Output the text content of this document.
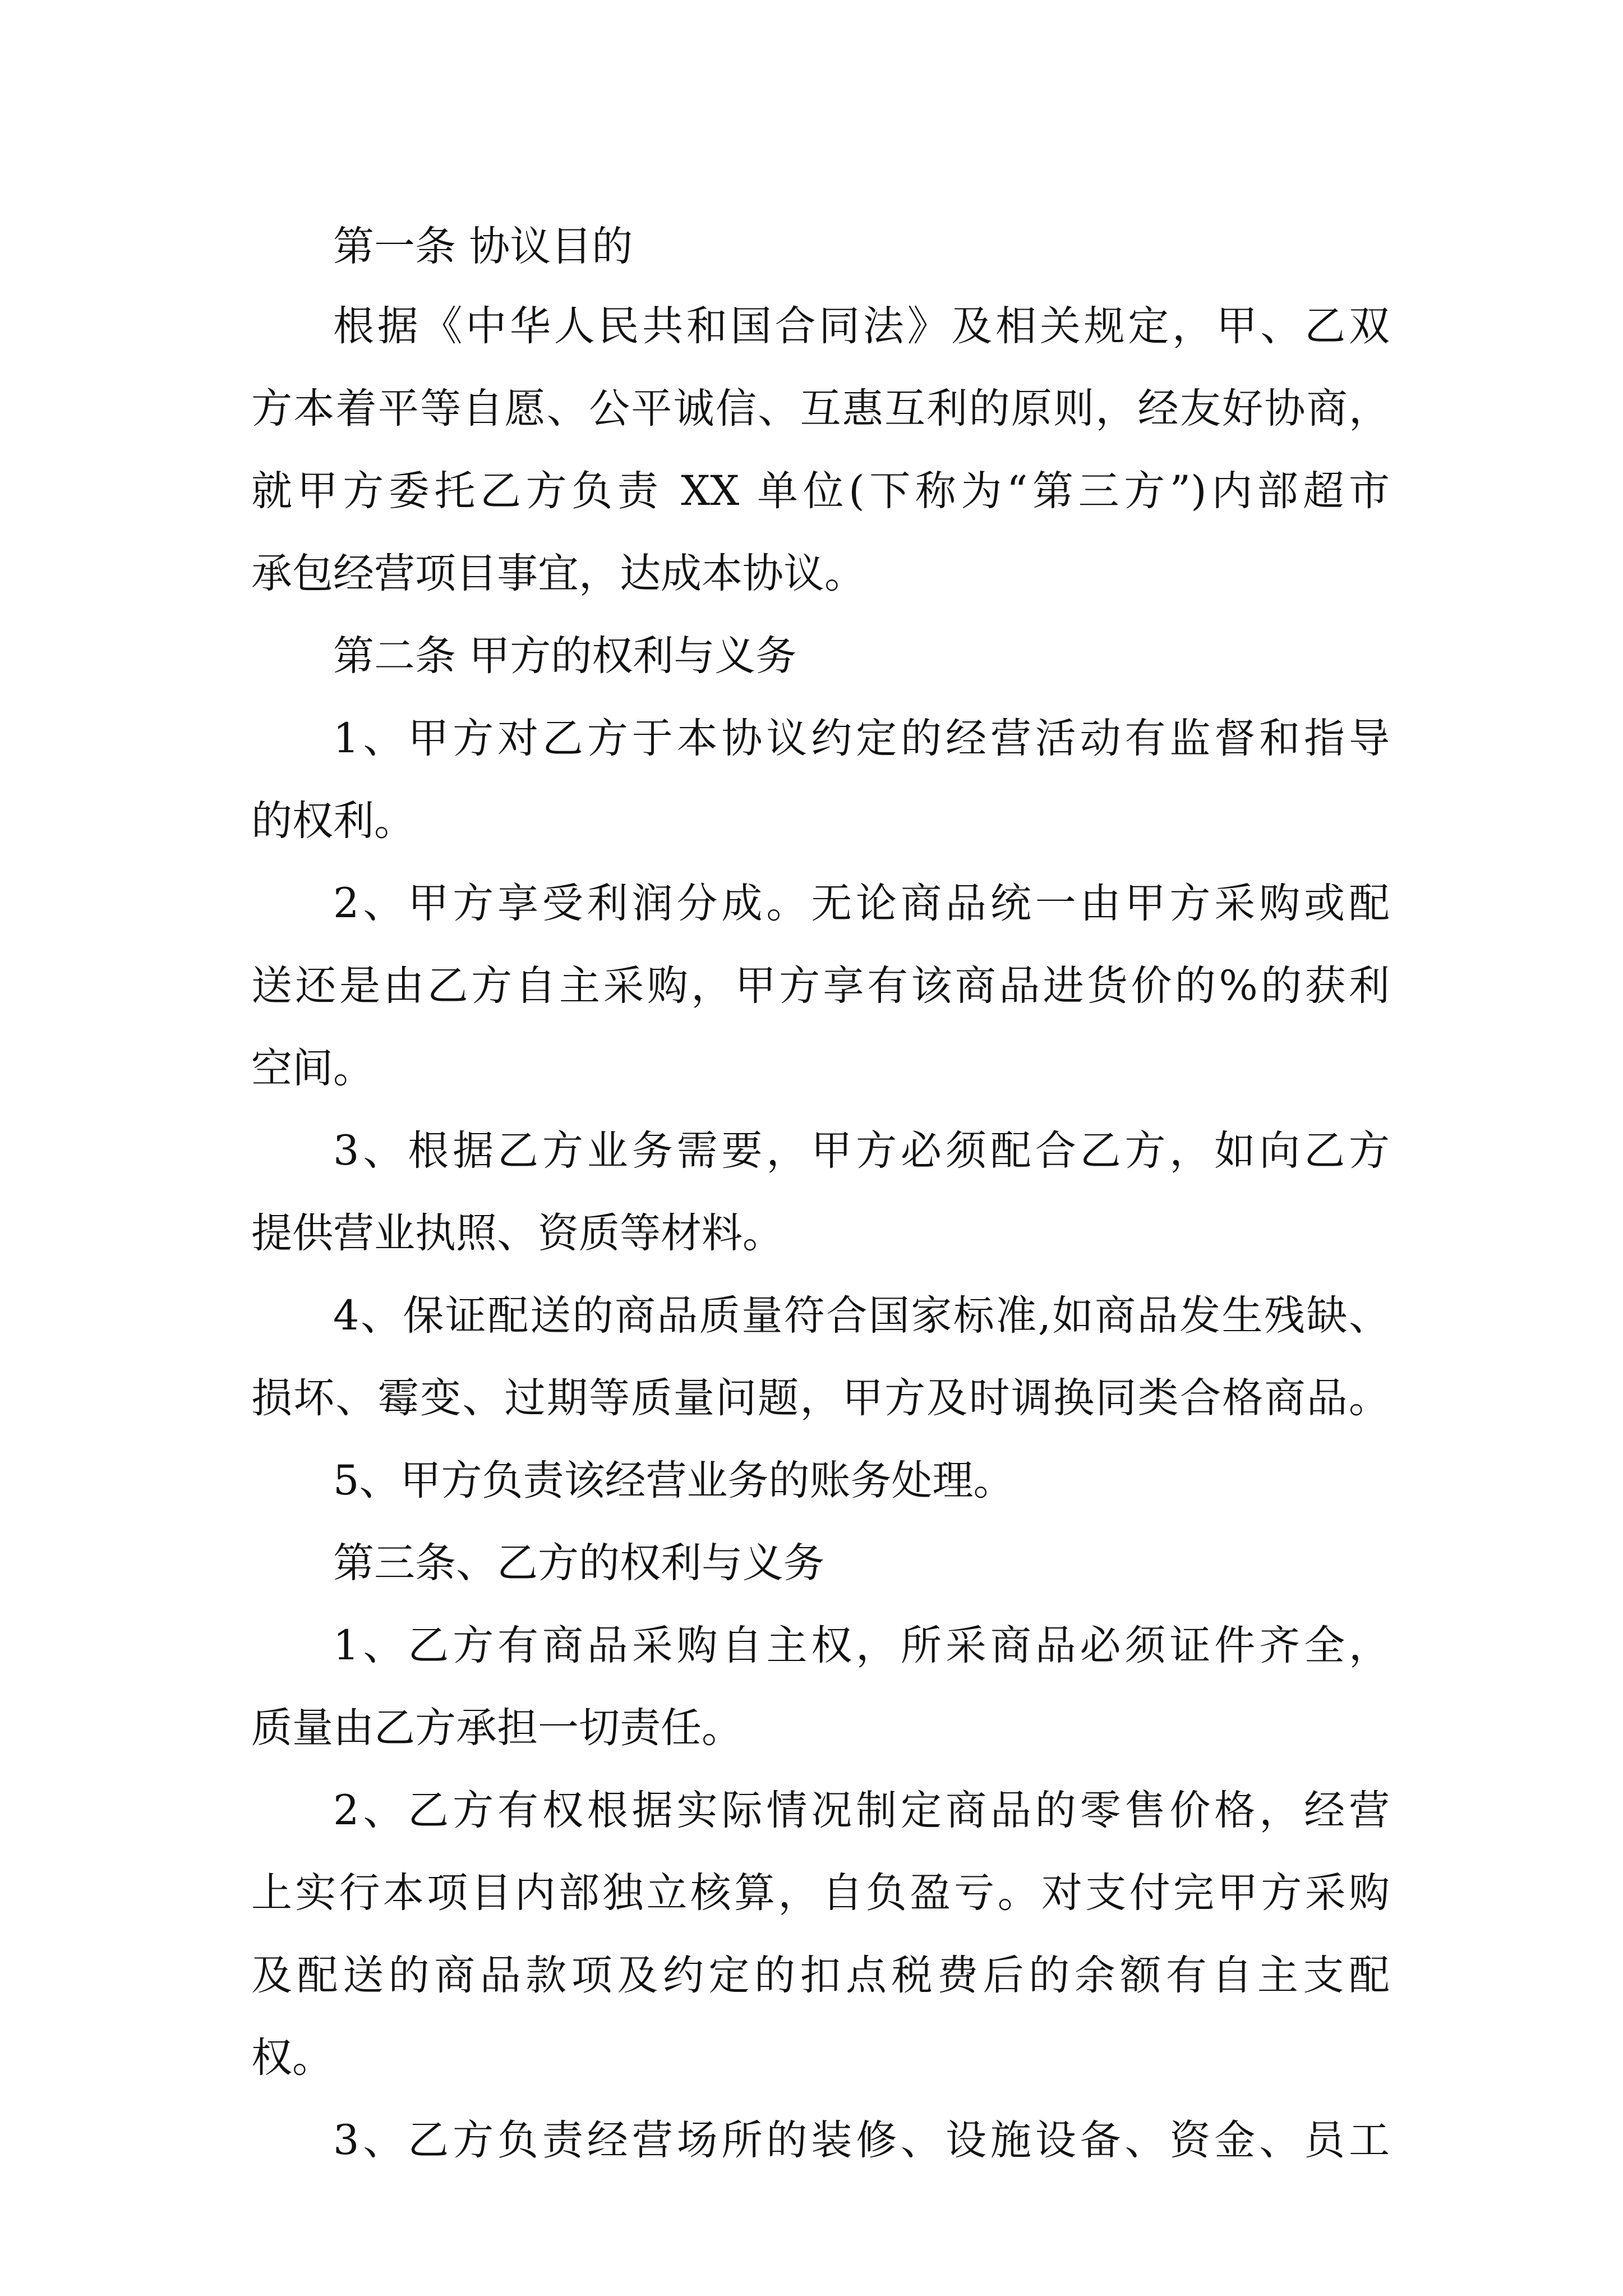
第一条 协议目的
根据《中华人民共和国合同法》及相关规定，甲、乙双
方本着平等自愿、公平诚信、互惠互利的原则，经友好协商，
就甲方委托乙方负责 XX 单位(下称为“第三方”)内部超市
承包经营项目事宜，达成本协议。
第二条 甲方的权利与义务
1、甲方对乙方于本协议约定的经营活动有监督和指导
的权利。
2、甲方享受利润分成。无论商品统一由甲方采购或配
送还是由乙方自主采购，甲方享有该商品进货价的%的获利
空间。
3、根据乙方业务需要，甲方必须配合乙方，如向乙方
提供营业执照、资质等材料。
4、保证配送的商品质量符合国家标准,如商品发生残缺、
损坏、霉变、过期等质量问题，甲方及时调换同类合格商品。
5、甲方负责该经营业务的账务处理。
第三条、乙方的权利与义务
1、乙方有商品采购自主权，所采商品必须证件齐全，
质量由乙方承担一切责任。
2、乙方有权根据实际情况制定商品的零售价格，经营
上实行本项目内部独立核算，自负盈亏。对支付完甲方采购
及配送的商品款项及约定的扣点税费后的余额有自主支配
权。
3、乙方负责经营场所的装修、设施设备、资金、员工
